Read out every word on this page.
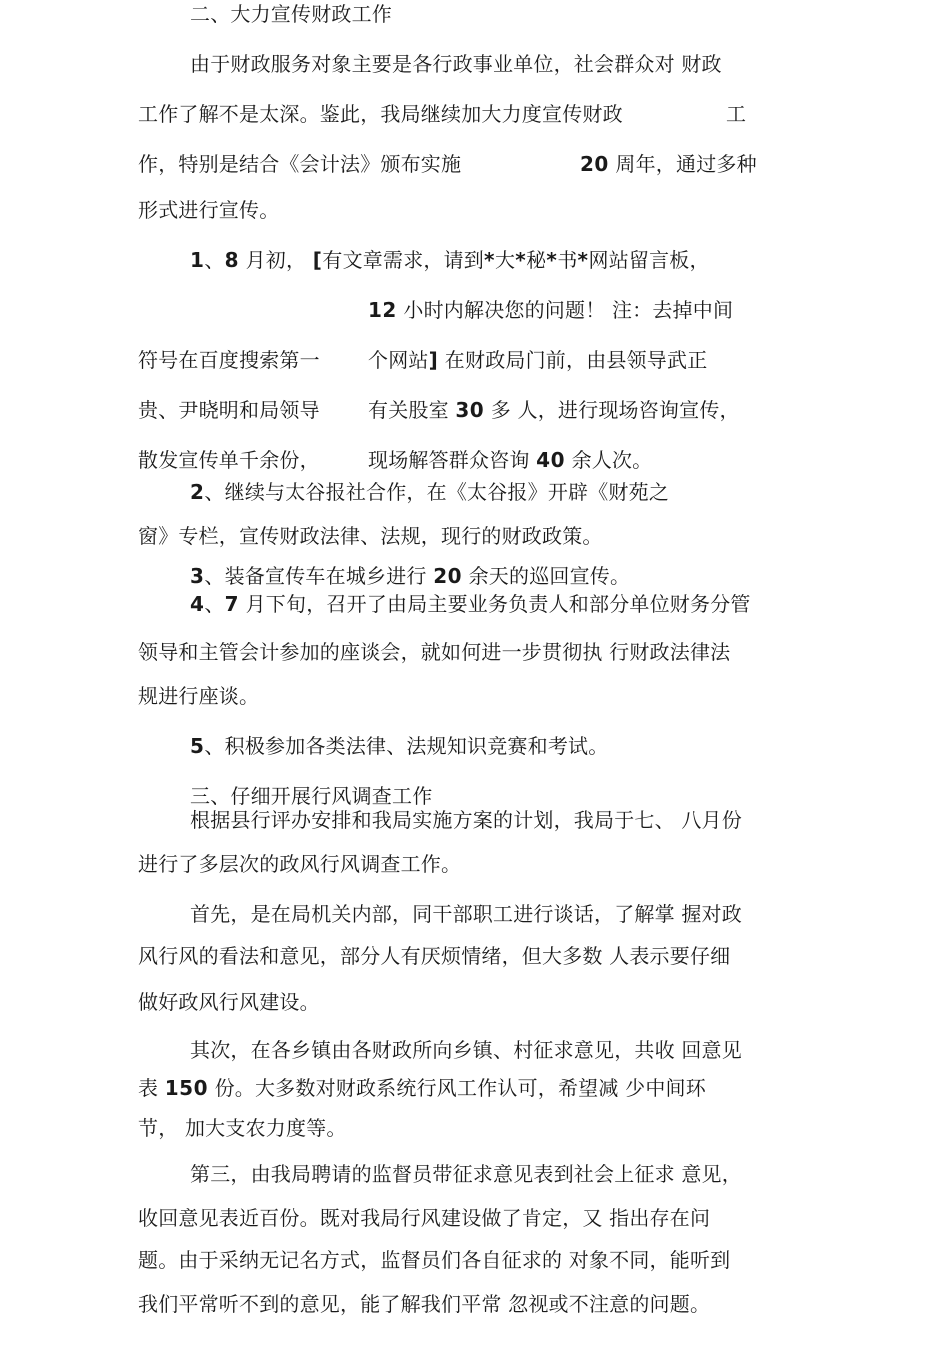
二、大力宣传财政工作
由于财政服务对象主要是各行政事业单位，社会群众对 财政
工作了解不是太深。鉴此，我局继续加大力度宣传财政	工
作，特别是结合《会计法》颁布实施	20 周年，通过多种
形式进行宣传。
1、8 月初， [有文章需求，请到*大*秘*书*网站留言板，
12 小时内解决您的问题！ 注：去掉中间
符号在百度搜索第一 个网站] 在财政局门前，由县领导武正
贵、尹晓明和局领导 有关股室 30 多 人，进行现场咨询宣传，
散发宣传单千余份， 现场解答群众咨询 40 余人次。
2、继续与太谷报社合作，在《太谷报》开辟《财苑之
窗》专栏，宣传财政法律、法规，现行的财政政策。
3、装备宣传车在城乡进行 20 余天的巡回宣传。
4、7 月下旬，召开了由局主要业务负责人和部分单位财务分管
领导和主管会计参加的座谈会，就如何进一步贯彻执 行财政法律法
规进行座谈。
5、积极参加各类法律、法规知识竞赛和考试。
三、仔细开展行风调查工作
根据县行评办安排和我局实施方案的计划，我局于七、 八月份
进行了多层次的政风行风调查工作。
首先，是在局机关内部，同干部职工进行谈话，了解掌 握对政
风行风的看法和意见，部分人有厌烦情绪，但大多数 人表示要仔细
做好政风行风建设。
其次，在各乡镇由各财政所向乡镇、村征求意见，共收 回意见
表 150 份。大多数对财政系统行风工作认可，希望减 少中间环
节， 加大支农力度等。
第三，由我局聘请的监督员带征求意见表到社会上征求 意见，
收回意见表近百份。既对我局行风建设做了肯定，又 指出存在问
题。由于采纳无记名方式，监督员们各自征求的 对象不同，能听到
我们平常听不到的意见，能了解我们平常 忽视或不注意的问题。
